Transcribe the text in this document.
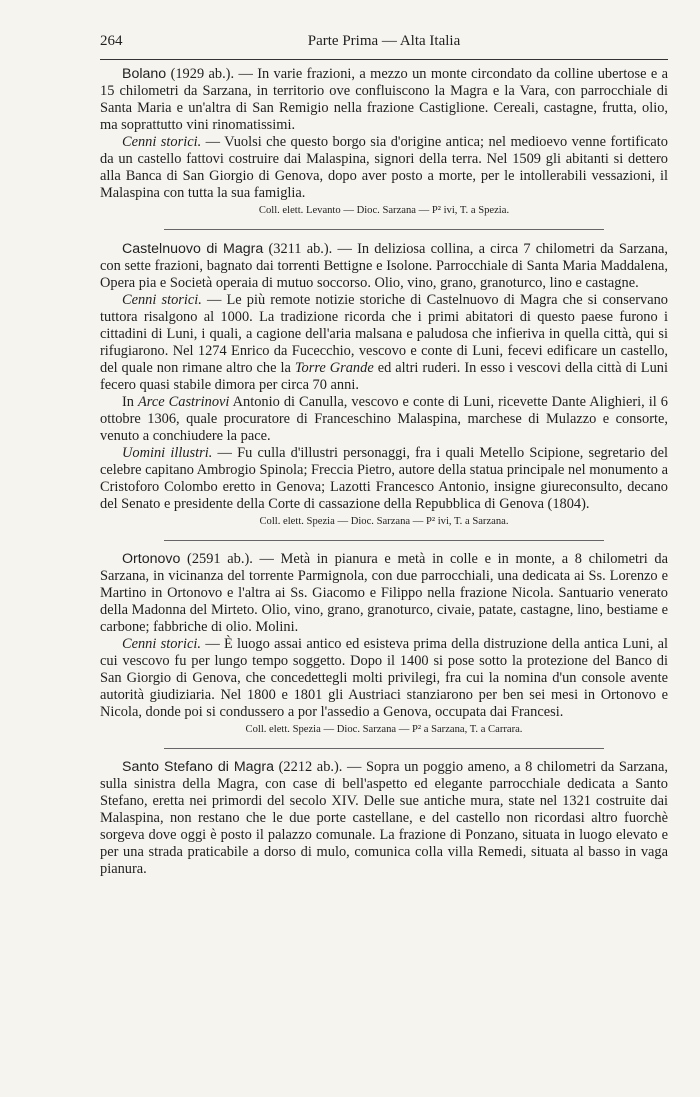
264	Parte Prima — Alta Italia

Bolano (1929 ab.). — In varie frazioni, a mezzo un monte circondato da colline ubertose e a 15 chilometri da Sarzana, in territorio ove confluiscono la Magra e la Vara, con parrocchiale di Santa Maria e un'altra di San Remigio nella frazione Castiglione. Cereali, castagne, frutta, olio, ma soprattutto vini rinomatissimi.

Cenni storici. — Vuolsi che questo borgo sia d'origine antica; nel medioevo venne fortificato da un castello fattovi costruire dai Malaspina, signori della terra. Nel 1509 gli abitanti si dettero alla Banca di San Giorgio di Genova, dopo aver posto a morte, per le intollerabili vessazioni, il Malaspina con tutta la sua famiglia.

Coll. elett. Levanto — Dioc. Sarzana — P² ivi, T. a Spezia.

Castelnuovo di Magra (3211 ab.). — In deliziosa collina, a circa 7 chilometri da Sarzana, con sette frazioni, bagnato dai torrenti Bettigne e Isolone. Parrocchiale di Santa Maria Maddalena, Opera pia e Società operaia di mutuo soccorso. Olio, vino, grano, granoturco, lino e castagne.

Cenni storici. — Le più remote notizie storiche di Castelnuovo di Magra che si conservano tuttora risalgono al 1000. La tradizione ricorda che i primi abitatori di questo paese furono i cittadini di Luni, i quali, a cagione dell'aria malsana e paludosa che infieriva in quella città, qui si rifugiarono. Nel 1274 Enrico da Fucecchio, vescovo e conte di Luni, fecevi edificare un castello, del quale non rimane altro che la Torre Grande ed altri ruderi. In esso i vescovi della città di Luni fecero quasi stabile dimora per circa 70 anni.

In Arce Castrinovi Antonio di Canulla, vescovo e conte di Luni, ricevette Dante Alighieri, il 6 ottobre 1306, quale procuratore di Franceschino Malaspina, marchese di Mulazzo e consorte, venuto a conchiudere la pace.

Uomini illustri. — Fu culla d'illustri personaggi, fra i quali Metello Scipione, segretario del celebre capitano Ambrogio Spinola; Freccia Pietro, autore della statua principale nel monumento a Cristoforo Colombo eretto in Genova; Lazotti Francesco Antonio, insigne giureconsulto, decano del Senato e presidente della Corte di cassazione della Repubblica di Genova (1804).

Coll. elett. Spezia — Dioc. Sarzana — P² ivi, T. a Sarzana.

Ortonovo (2591 ab.). — Metà in pianura e metà in colle e in monte, a 8 chilometri da Sarzana, in vicinanza del torrente Parmignola, con due parrocchiali, una dedicata ai Ss. Lorenzo e Martino in Ortonovo e l'altra ai Ss. Giacomo e Filippo nella frazione Nicola. Santuario venerato della Madonna del Mirteto. Olio, vino, grano, granoturco, civaie, patate, castagne, lino, bestiame e carbone; fabbriche di olio. Molini.

Cenni storici. — È luogo assai antico ed esisteva prima della distruzione della antica Luni, al cui vescovo fu per lungo tempo soggetto. Dopo il 1400 si pose sotto la protezione del Banco di San Giorgio di Genova, che concedettegli molti privilegi, fra cui la nomina d'un console avente autorità giudiziaria. Nel 1800 e 1801 gli Austriaci stanziarono per ben sei mesi in Ortonovo e Nicola, donde poi si condussero a por l'assedio a Genova, occupata dai Francesi.

Coll. elett. Spezia — Dioc. Sarzana — P² a Sarzana, T. a Carrara.

Santo Stefano di Magra (2212 ab.). — Sopra un poggio ameno, a 8 chilometri da Sarzana, sulla sinistra della Magra, con case di bell'aspetto ed elegante parrocchiale dedicata a Santo Stefano, eretta nei primordi del secolo XIV. Delle sue antiche mura, state nel 1321 costruite dai Malaspina, non restano che le due porte castellane, e del castello non ricordasi altro fuorchè sorgeva dove oggi è posto il palazzo comunale. La frazione di Ponzano, situata in luogo elevato e per una strada praticabile a dorso di mulo, comunica colla villa Remedi, situata al basso in vaga pianura.
